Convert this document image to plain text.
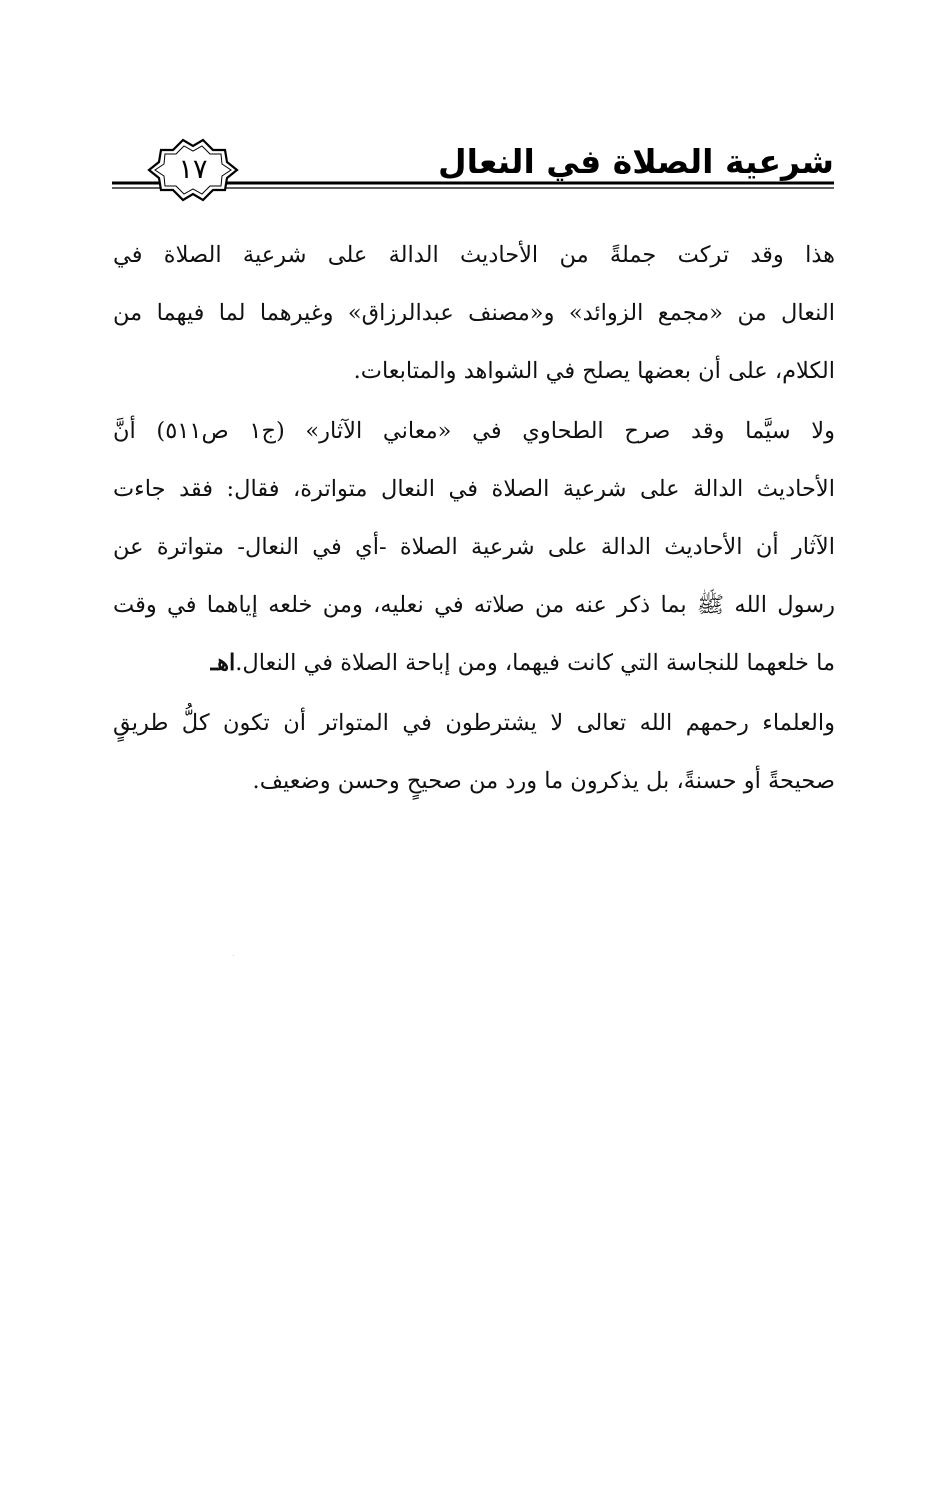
١٧	شرعية الصلاة في النعال

هذا وقد تركت جملةً من الأحاديث الدالة على شرعية الصلاة في
النعال من «مجمع الزوائد» و«مصنف عبدالرزاق» وغيرهما لما فيهما من
الكلام، على أن بعضها يصلح في الشواهد والمتابعات.

ولا سيَّما وقد صرح الطحاوي في «معاني الآثار» (ج١ ص٥١١) أنَّ
الأحاديث الدالة على شرعية الصلاة في النعال متواترة، فقال: فقد جاءت
الآثار أن الأحاديث الدالة على شرعية الصلاة -أي في النعال- متواترة عن
رسول الله ﷺ بما ذكر عنه من صلاته في نعليه، ومن خلعه إياهما في وقت
ما خلعهما للنجاسة التي كانت فيهما، ومن إباحة الصلاة في النعال.اهـ

والعلماء رحمهم الله تعالى لا يشترطون في المتواتر أن تكون كلُّ طريقٍ
صحيحةً أو حسنةً، بل يذكرون ما ورد من صحيحٍ وحسن وضعيف.
